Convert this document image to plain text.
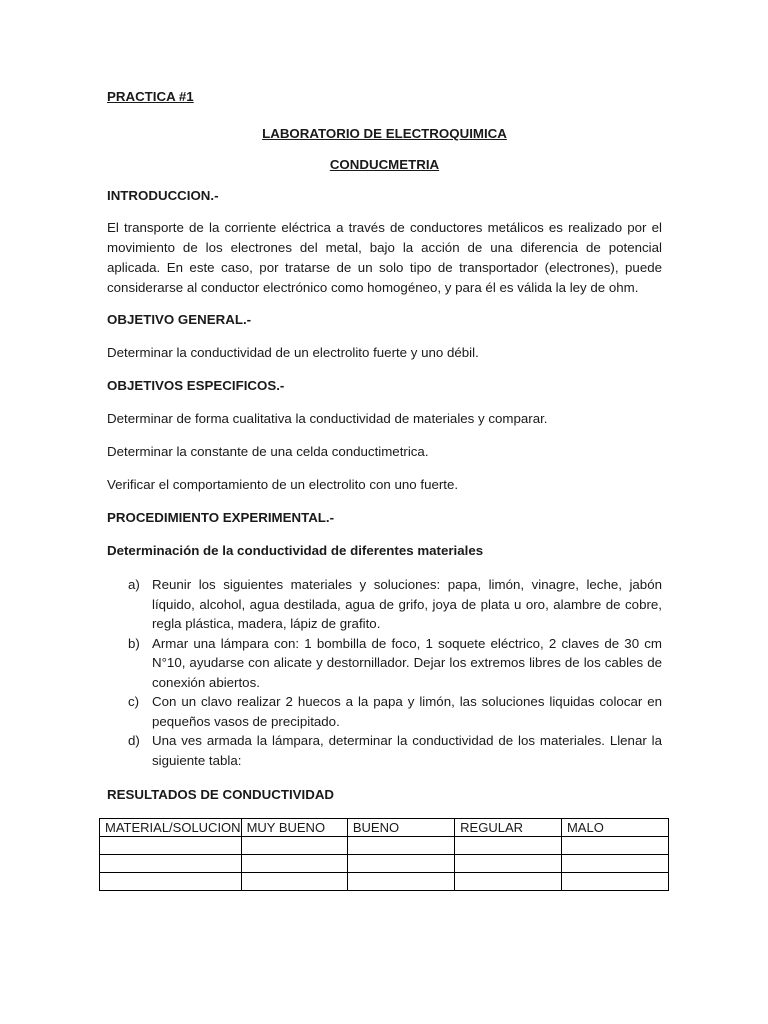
PRACTICA #1

LABORATORIO DE ELECTROQUIMICA

CONDUCMETRIA

INTRODUCCION.-

El transporte de la corriente eléctrica a través de conductores metálicos es realizado por el movimiento de los electrones del metal, bajo la acción de una diferencia de potencial aplicada. En este caso, por tratarse de un solo tipo de transportador (electrones), puede considerarse al conductor electrónico como homogéneo, y para él es válida la ley de ohm.

OBJETIVO GENERAL.-

Determinar la conductividad de un electrolito fuerte y uno débil.

OBJETIVOS ESPECIFICOS.-

Determinar de forma cualitativa la conductividad de materiales y comparar.

Determinar la constante de una celda conductimetrica.

Verificar el comportamiento de un electrolito con uno fuerte.

PROCEDIMIENTO EXPERIMENTAL.-

Determinación de la conductividad de diferentes materiales

a) Reunir los siguientes materiales y soluciones: papa, limón, vinagre, leche, jabón líquido, alcohol, agua destilada, agua de grifo, joya de plata u oro, alambre de cobre, regla plástica, madera, lápiz de grafito.
b) Armar una lámpara con: 1 bombilla de foco, 1 soquete eléctrico, 2 claves de 30 cm N°10, ayudarse con alicate y destornillador. Dejar los extremos libres de los cables de conexión abiertos.
c) Con un clavo realizar 2 huecos a la papa y limón, las soluciones liquidas colocar en pequeños vasos de precipitado.
d) Una ves armada la lámpara, determinar la conductividad de los materiales. Llenar la siguiente tabla:

RESULTADOS DE CONDUCTIVIDAD

MATERIAL/SOLUCION	MUY BUENO	BUENO	REGULAR	MALO
